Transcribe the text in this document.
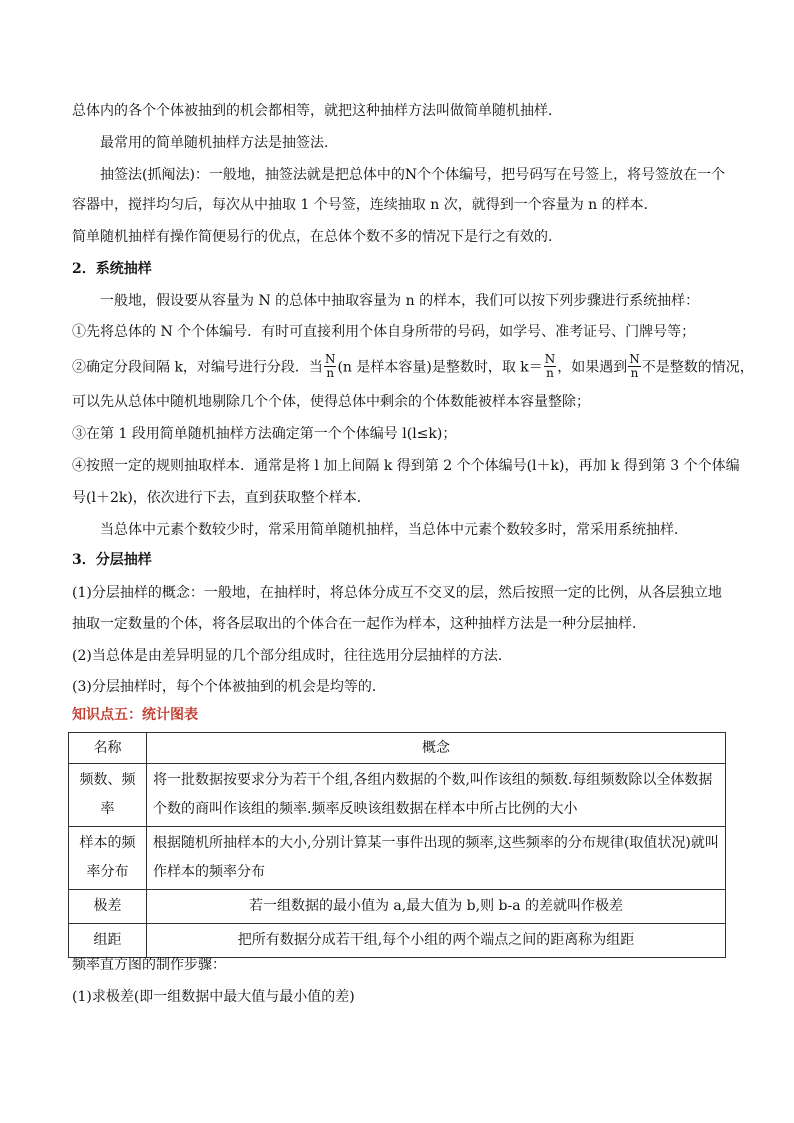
总体内的各个个体被抽到的机会都相等，就把这种抽样方法叫做简单随机抽样．
最常用的简单随机抽样方法是抽签法.
抽签法(抓阄法)：一般地，抽签法就是把总体中的N个个体编号，把号码写在号签上，将号签放在一个
容器中，搅拌均匀后，每次从中抽取 1 个号签，连续抽取 n 次，就得到一个容量为 n 的样本．
简单随机抽样有操作简便易行的优点，在总体个数不多的情况下是行之有效的.
2．系统抽样
一般地，假设要从容量为 N 的总体中抽取容量为 n 的样本，我们可以按下列步骤进行系统抽样：
①先将总体的 N 个个体编号．有时可直接利用个体自身所带的号码，如学号、准考证号、门牌号等；
②确定分段间隔 k，对编号进行分段．当 $\frac{N}{n} (n$ 是样本容量)是整数时，取 $k= \frac{N}{n}$ ，如果遇到 $\frac{N}{n}$ 不是整数的情况，
可以先从总体中随机地剔除几个个体，使得总体中剩余的个体数能被样本容量整除；
③在第 1 段用简单随机抽样方法确定第一个个体编号 l(l≤k)；
④按照一定的规则抽取样本．通常是将 l 加上间隔 k 得到第 2 个个体编号(l＋k)，再加 k 得到第 3 个个体编
号(l＋2k)，依次进行下去，直到获取整个样本．
当总体中元素个数较少时，常采用简单随机抽样，当总体中元素个数较多时，常采用系统抽样．
3．分层抽样
(1)分层抽样的概念：一般地，在抽样时，将总体分成互不交叉的层，然后按照一定的比例，从各层独立地
抽取一定数量的个体，将各层取出的个体合在一起作为样本，这种抽样方法是一种分层抽样．
(2)当总体是由差异明显的几个部分组成时，往往选用分层抽样的方法．
(3)分层抽样时，每个个体被抽到的机会是均等的．
知识点五：统计图表
名称	概念
频数、频率	将一批数据按要求分为若干个组,各组内数据的个数,叫作该组的频数.每组频数除以全体数据个数的商叫作该组的频率.频率反映该组数据在样本中所占比例的大小
样本的频率分布	根据随机所抽样本的大小,分别计算某一事件出现的频率,这些频率的分布规律(取值状况)就叫作样本的频率分布
极差	若一组数据的最小值为 a,最大值为 b,则 b-a 的差就叫作极差
组距	把所有数据分成若干组,每个小组的两个端点之间的距离称为组距
频率直方图的制作步骤：
(1)求极差(即一组数据中最大值与最小值的差)
